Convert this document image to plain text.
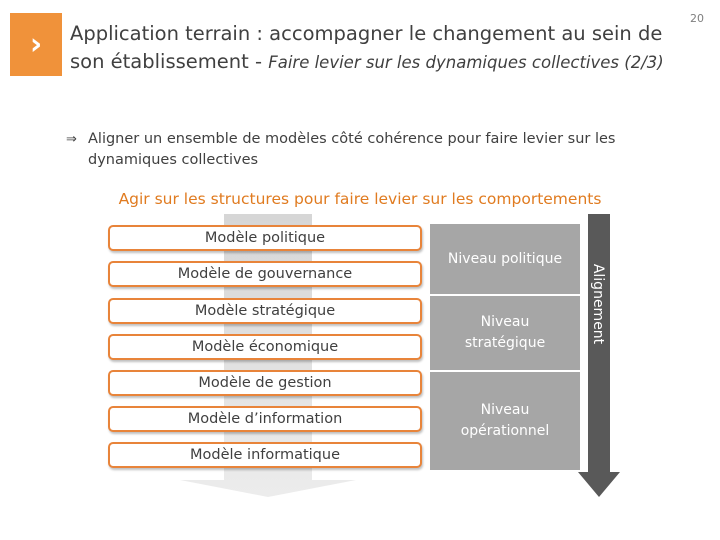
› Application terrain : accompagner le changement au sein de son établissement - Faire levier sur les dynamiques collectives (2/3)
20
⇒ Aligner un ensemble de modèles côté cohérence pour faire levier sur les dynamiques collectives
Agir sur les structures pour faire levier sur les comportements
Niveau politique
Niveau stratégique
Niveau opérationnel
Alignement
Modèle politique
Modèle de gouvernance
Modèle stratégique
Modèle économique
Modèle de gestion
Modèle d’information
Modèle informatique
